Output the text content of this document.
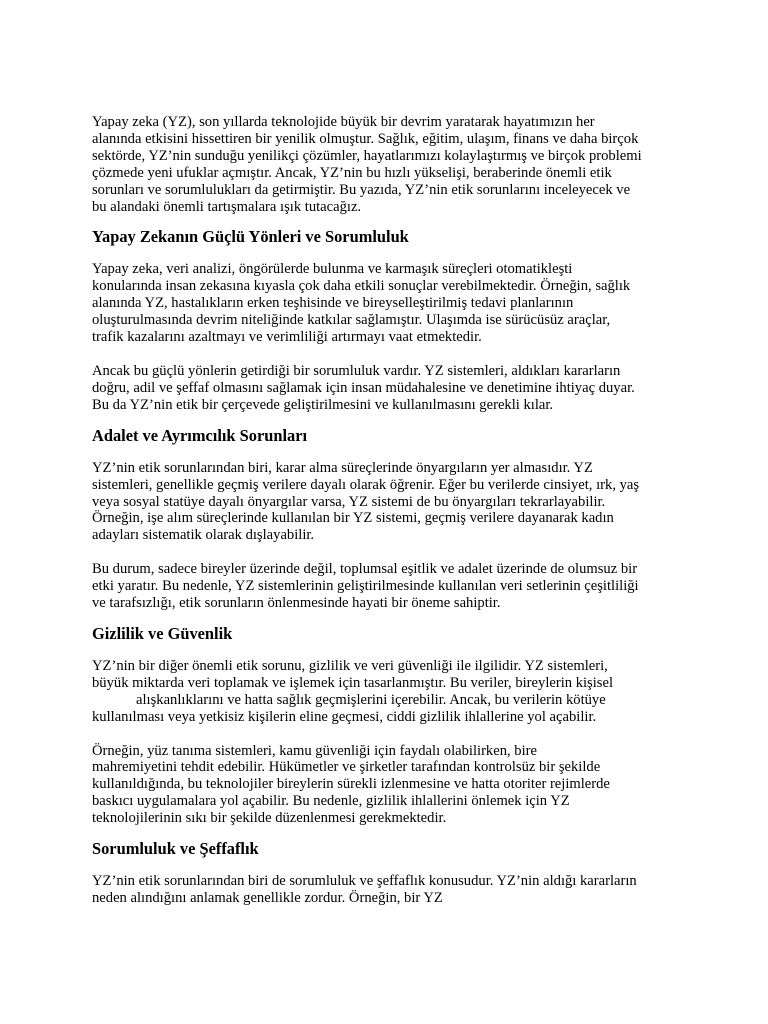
Yapay zeka (YZ), son yıllarda teknolojide büyük bir devrim yaratarak hayatımızın her
alanında etkisini hissettiren bir yenilik olmuştur. Sağlık, eğitim, ulaşım, finans ve daha birçok
sektörde, YZ’nin sunduğu yenilikçi çözümler, hayatlarımızı kolaylaştırmış ve birçok problemi
çözmede yeni ufuklar açmıştır. Ancak, YZ’nin bu hızlı yükselişi, beraberinde önemli etik
sorunları ve sorumlulukları da getirmiştir. Bu yazıda, YZ’nin etik sorunlarını inceleyecek ve
bu alandaki önemli tartışmalara ışık tutacağız.

Yapay Zekanın Güçlü Yönleri ve Sorumluluk

Yapay zeka, veri analizi, öngörülerde bulunma ve karmaşık süreçleri otomatikleşti
konularında insan zekasına kıyasla çok daha etkili sonuçlar verebilmektedir. Örneğin, sağlık
alanında YZ, hastalıkların erken teşhisinde ve bireyselleştirilmiş tedavi planlarının
oluşturulmasında devrim niteliğinde katkılar sağlamıştır. Ulaşımda ise sürücüsüz araçlar,
trafik kazalarını azaltmayı ve verimliliği artırmayı vaat etmektedir.

Ancak bu güçlü yönlerin getirdiği bir sorumluluk vardır. YZ sistemleri, aldıkları kararların
doğru, adil ve şeffaf olmasını sağlamak için insan müdahalesine ve denetimine ihtiyaç duyar.
Bu da YZ’nin etik bir çerçevede geliştirilmesini ve kullanılmasını gerekli kılar.

Adalet ve Ayrımcılık Sorunları

YZ’nin etik sorunlarından biri, karar alma süreçlerinde önyargıların yer almasıdır. YZ
sistemleri, genellikle geçmiş verilere dayalı olarak öğrenir. Eğer bu verilerde cinsiyet, ırk, yaş
veya sosyal statüye dayalı önyargılar varsa, YZ sistemi de bu önyargıları tekrarlayabilir.
Örneğin, işe alım süreçlerinde kullanılan bir YZ sistemi, geçmiş verilere dayanarak kadın
adayları sistematik olarak dışlayabilir.

Bu durum, sadece bireyler üzerinde değil, toplumsal eşitlik ve adalet üzerinde de olumsuz bir
etki yaratır. Bu nedenle, YZ sistemlerinin geliştirilmesinde kullanılan veri setlerinin çeşitliliği
ve tarafsızlığı, etik sorunların önlenmesinde hayati bir öneme sahiptir.

Gizlilik ve Güvenlik

YZ’nin bir diğer önemli etik sorunu, gizlilik ve veri güvenliği ile ilgilidir. YZ sistemleri,
büyük miktarda veri toplamak ve işlemek için tasarlanmıştır. Bu veriler, bireylerin kişisel
alışkanlıklarını ve hatta sağlık geçmişlerini içerebilir. Ancak, bu verilerin kötüye
kullanılması veya yetkisiz kişilerin eline geçmesi, ciddi gizlilik ihlallerine yol açabilir.

Örneğin, yüz tanıma sistemleri, kamu güvenliği için faydalı olabilirken, bire
mahremiyetini tehdit edebilir. Hükümetler ve şirketler tarafından kontrolsüz bir şekilde
kullanıldığında, bu teknolojiler bireylerin sürekli izlenmesine ve hatta otoriter rejimlerde
baskıcı uygulamalara yol açabilir. Bu nedenle, gizlilik ihlallerini önlemek için YZ
teknolojilerinin sıkı bir şekilde düzenlenmesi gerekmektedir.

Sorumluluk ve Şeffaflık

YZ’nin etik sorunlarından biri de sorumluluk ve şeffaflık konusudur. YZ’nin aldığı kararların
neden alındığını anlamak genellikle zordur. Örneğin, bir YZ
